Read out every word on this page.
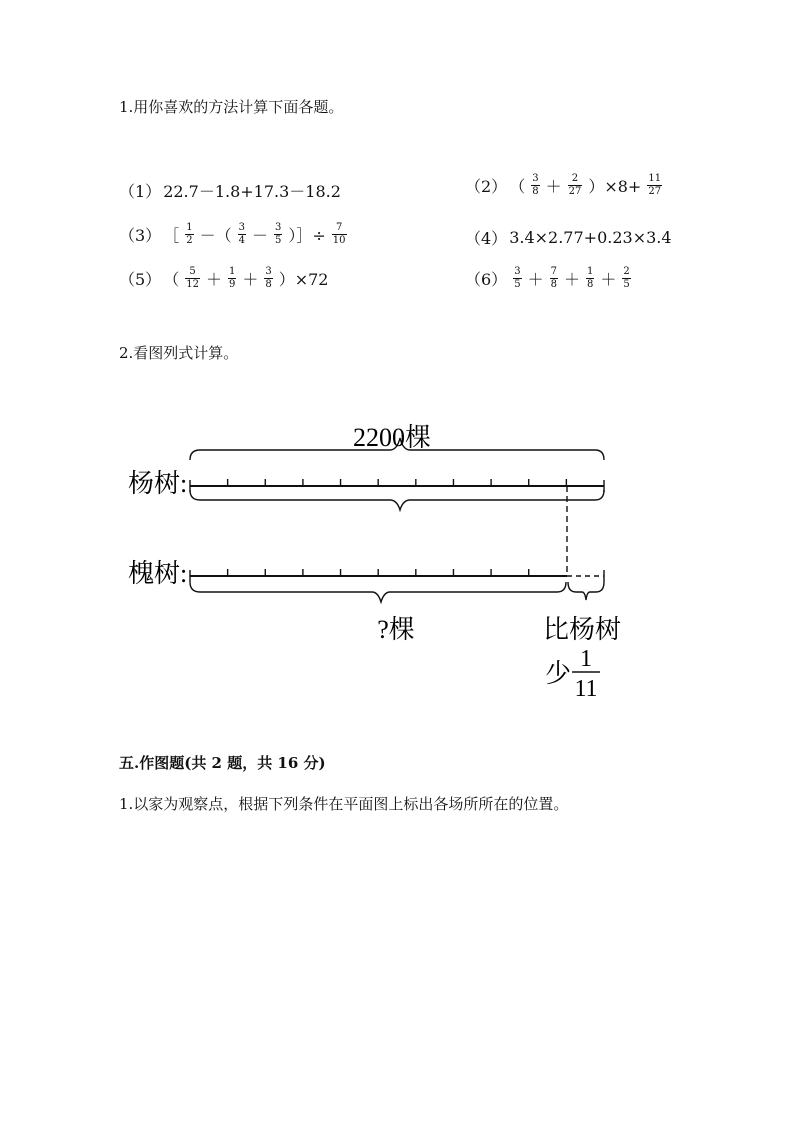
1.用你喜欢的方法计算下面各题。
（1） 22.7－1.8+17.3－18.2	（2） （ $\frac{3}{8} + \frac{2}{27} )\times 8+ \frac{11}{27}$
（3） ［ $\frac{1}{2}$ －（ $\frac{3}{4} - \frac{3}{5}$ ）］÷ $\frac{7}{10}$	（4） 3.4×2.77+0.23×3.4
（5） （ $\frac{5}{12} + \frac{1}{9} + \frac{3}{8} )\times 72$	$(6) \frac{3}{5} + \frac{7}{8} + \frac{1}{8} + \frac{2}{5}$
2.看图列式计算。
2200棵
杨树:
槐树:
?棵	比杨树
少 1
11
五.作图题(共 2 题，共 16 分)
1.以家为观察点，根据下列条件在平面图上标出各场所所在的位置。
